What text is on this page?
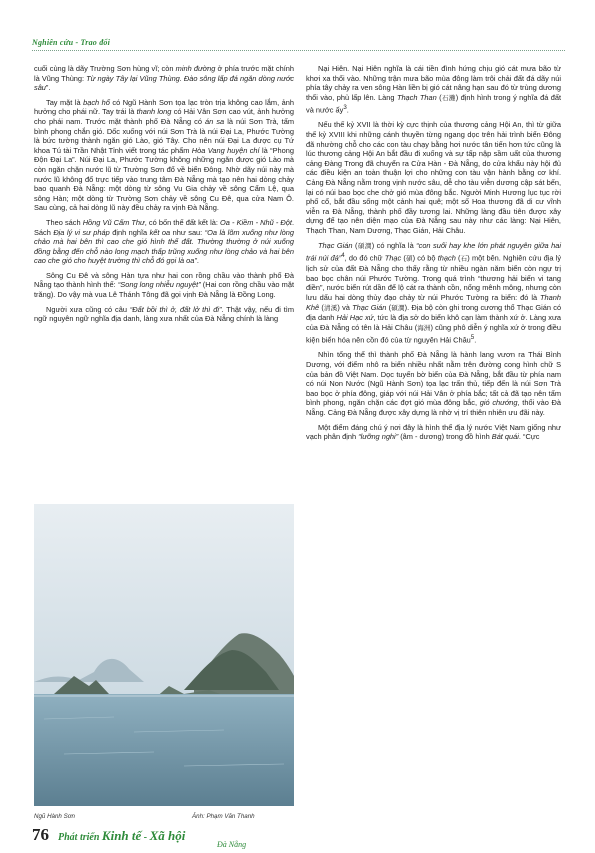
Nghiên cứu - Trao đổi

cuối cùng là dãy Trường Sơn hùng vĩ; còn minh đường ở phía trước mặt chính là Vũng Thùng: Từ ngày Tây lại Vũng Thùng. Đào sông lấp đá ngăn dòng nước sâu”.

Tay mặt là bạch hổ có Ngũ Hành Sơn tọa lạc tròn trịa không cao lắm, ảnh hưởng cho phái nữ. Tay trái là thanh long có Hải Vân Sơn cao vút, ảnh hưởng cho phái nam. Trước mặt thành phố Đà Nẵng có án sa là núi Sơn Trà, tấm bình phong chắn gió. Dốc xuống với núi Sơn Trà là núi Đại La, Phước Tường là bức tường thành ngăn gió Lào, gió Tây. Cho nên núi Đại La được cụ Tứ khoa Tú tài Trần Nhật Tỉnh viết trong tác phẩm Hòa Vang huyện chí là “Phong Độn Đại La”. Núi Đại La, Phước Tường không những ngăn được gió Lào mà còn ngăn chặn nước lũ từ Trường Sơn đổ về biển Đông. Nhờ dãy núi này mà nước lũ không đổ trực tiếp vào trung tâm Đà Nẵng mà tạo nên hai dòng chảy bao quanh Đà Nẵng: một dòng từ sông Vu Gia chảy về sông Cẩm Lệ, qua sông Hàn; một dòng từ Trường Sơn chảy về sông Cu Đê, qua cửa Nam Ô. Sau cùng, cả hai dòng lũ này đều chảy ra vịnh Đà Nẵng.

Theo sách Hồng Vũ Cấm Thư, có bốn thế đất kết là: Oa - Kiềm - Nhũ - Đột. Sách Địa lý vi sư pháp định nghĩa kết oa như sau: “Oa là lõm xuống như lòng chảo mà hai bên thì cao che gió hình thể đất. Thường thường ở núi xuống đồng bằng đến chỗ nào long mạch thấp trũng xuống như lòng chảo và hai bên cao che gió cho huyệt trường thì chỗ đó gọi là oa”.

Sông Cu Đê và sông Hàn tựa như hai con rồng chầu vào thành phố Đà Nẵng tạo thành hình thế: “Song long nhiễu nguyệt” (Hai con rồng chầu vào mặt trăng). Do vậy mà vua Lê Thánh Tông đã gọi vịnh Đà Nẵng là Đồng Long.

Người xưa cũng có câu “Đất bồi thì ở, đất lở thì đi”. Thật vậy, nếu đi tìm ngữ nguyên ngữ nghĩa địa danh, làng xưa nhất của Đà Nẵng chính là làng

Nại Hiên. Nại Hiên nghĩa là cái tiền đình hứng chịu gió cát mưa bão từ khơi xa thổi vào. Những trận mưa bão mùa đông làm trôi chải đất đá dãy núi phía tây chảy ra ven sông Hàn liền bị gió cát nâng hạn sau đó từ trùng dương thổi vào, phủ lấp lên. Làng Thạch Than (石灘) định hình trong ý nghĩa đá đất và nước ấy$^3$.

Nếu thế kỷ XVII là thời kỳ cực thịnh của thương cảng Hội An, thì từ giữa thế kỷ XVIII khi những cánh thuyền từng ngang dọc trên hải trình biển Đông đã nhường chỗ cho các con tàu chạy bằng hơi nước tân tiến hơn tức cũng là lúc thương cảng Hội An bắt đầu đi xuống và sự tấp nập sầm uất của thương cảng Đàng Trong đã chuyển ra Cửa Hàn - Đà Nẵng, do cửa khẩu này hội đủ các điều kiện an toàn thuận lợi cho những con tàu vận hành bằng cơ khí. Cảng Đà Nẵng nằm trong vịnh nước sâu, dễ cho tàu viễn dương cập sát bến, lại có núi bao bọc che chở gió mùa đông bắc. Người Minh Hương lục tục rời phố cổ, bắt đầu sống một cảnh hai quê; một số Hoa thương đã di cư vĩnh viễn ra Đà Nẵng, thành phố đầy tương lai. Những làng đầu tiên được xây dựng để tạo nên diện mạo của Đà Nẵng sau này như các làng: Nại Hiên, Thạch Than, Nam Dương, Thạc Gián, Hải Châu.

Thạc Gián (碩澗) có nghĩa là “con suối hay khe lớn phát nguyên giữa hai trái núi đá”$^4$, do đó chữ Thạc (碩) có bộ thạch (石) một bên. Nghiên cứu địa lý lịch sử của đất Đà Nẵng cho thấy rằng từ nhiều ngàn năm biển còn ngự trị bao bọc chân núi Phước Tường. Trong quá trình “thương hải biến vi tang điền”, nước biển rút dần để lộ cát ra thành cồn, nổng mênh mông, nhưng còn lưu dấu hai dòng thủy đạo chảy từ núi Phước Tường ra biển: đó là Thanh Khê (清溪) và Thạc Gián (碩澗). Địa bộ còn ghi trong cương thổ Thạc Gián có địa danh Hải Hạc xứ, tức là địa sở do biển khô cạn làm thành xứ ở. Làng xưa của Đà Nẵng có tên là Hải Châu (海洲) cũng phô diễn ý nghĩa xứ ở trong điều kiện biển hóa nên cồn đó của từ nguyên Hải Châu$^5$.

Nhìn tổng thể thì thành phố Đà Nẵng là hành lang vươn ra Thái Bình Dương, với điểm nhô ra biển nhiều nhất nằm trên đường cong hình chữ S của bản đồ Việt Nam. Dọc tuyến bờ biển của Đà Nẵng, bắt đầu từ phía nam có núi Non Nước (Ngũ Hành Sơn) tọa lạc trấn thủ, tiếp đến là núi Sơn Trà bao bọc ở phía đông, giáp với núi Hải Vân ở phía bắc; tất cả đã tạo nên tấm bình phong, ngăn chặn các đợt gió mùa đông bắc, gió chướng, thổi vào Đà Nẵng. Cảng Đà Nẵng được xây dựng là nhờ vị trí thiên nhiên ưu đãi này.

Một điểm đáng chú ý nơi đây là hình thể địa lý nước Việt Nam giống như vạch phân định “lưỡng nghi” (âm - dương) trong đồ hình Bát quái. “Cực

Ngũ Hành Sơn	Ảnh: Phạm Văn Thanh
76 Phát triển Kinh tế - Xã hội
Đà Nẵng
